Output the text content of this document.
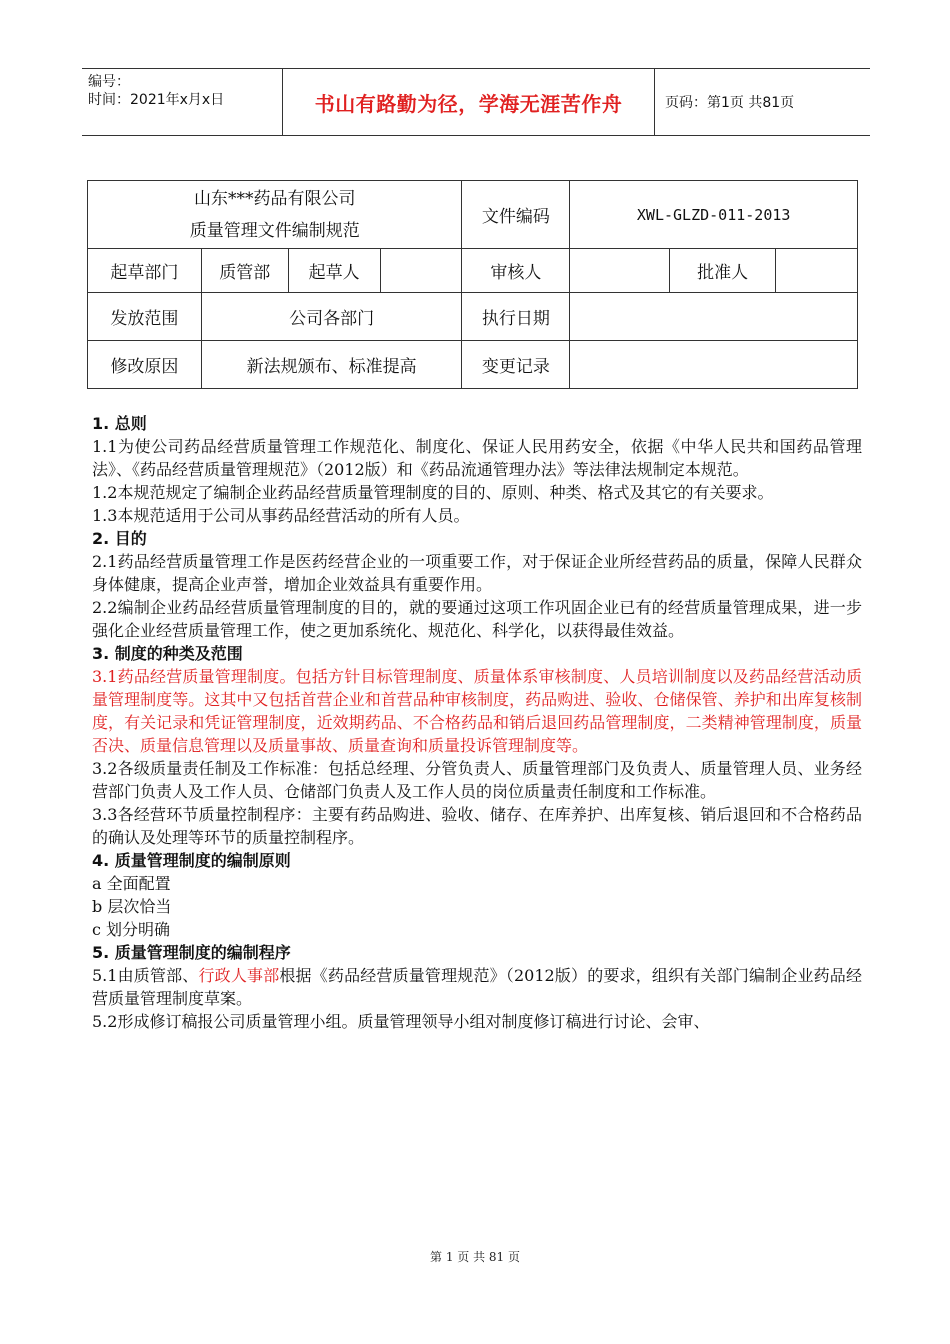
编号：
时间：2021年x月x日	书山有路勤为径，学海无涯苦作舟	页码：第1页 共81页
山东***药品有限公司
质量管理文件编制规范				文件编码	XWL-GLZD-011-2013		
起草部门	质管部	起草人		审核人		批准人	
发放范围	公司各部门			执行日期			
修改原因	新法规颁布、标准提高			变更记录			

1. 总则

1.1为使公司药品经营质量管理工作规范化、制度化、保证人民用药安全，依据《中华人民共和国药品管理法》、《药品经营质量管理规范》（2012版）和《药品流通管理办法》等法律法规制定本规范。

1.2本规范规定了编制企业药品经营质量管理制度的目的、原则、种类、格式及其它的有关要求。

1.3本规范适用于公司从事药品经营活动的所有人员。

2. 目的

2.1药品经营质量管理工作是医药经营企业的一项重要工作，对于保证企业所经营药品的质量，保障人民群众身体健康，提高企业声誉，增加企业效益具有重要作用。

2.2编制企业药品经营质量管理制度的目的，就的要通过这项工作巩固企业已有的经营质量管理成果，进一步强化企业经营质量管理工作，使之更加系统化、规范化、科学化，以获得最佳效益。

3. 制度的种类及范围

3.1药品经营质量管理制度。包括方针目标管理制度、质量体系审核制度、人员培训制度以及药品经营活动质量管理制度等。这其中又包括首营企业和首营品种审核制度，药品购进、验收、仓储保管、养护和出库复核制度，有关记录和凭证管理制度，近效期药品、不合格药品和销后退回药品管理制度，二类精神管理制度，质量否决、质量信息管理以及质量事故、质量查询和质量投诉管理制度等。

3.2各级质量责任制及工作标准：包括总经理、分管负责人、质量管理部门及负责人、质量管理人员、业务经营部门负责人及工作人员、仓储部门负责人及工作人员的岗位质量责任制度和工作标准。

3.3各经营环节质量控制程序：主要有药品购进、验收、储存、在库养护、出库复核、销后退回和不合格药品的确认及处理等环节的质量控制程序。

4. 质量管理制度的编制原则

a 全面配置

b 层次恰当

c 划分明确

5. 质量管理制度的编制程序

5.1由质管部、行政人事部根据《药品经营质量管理规范》（2012版）的要求，组织有关部门编制企业药品经营质量管理制度草案。

5.2形成修订稿报公司质量管理小组。质量管理领导小组对制度修订稿进行讨论、会审、

第 1 页 共 81 页
